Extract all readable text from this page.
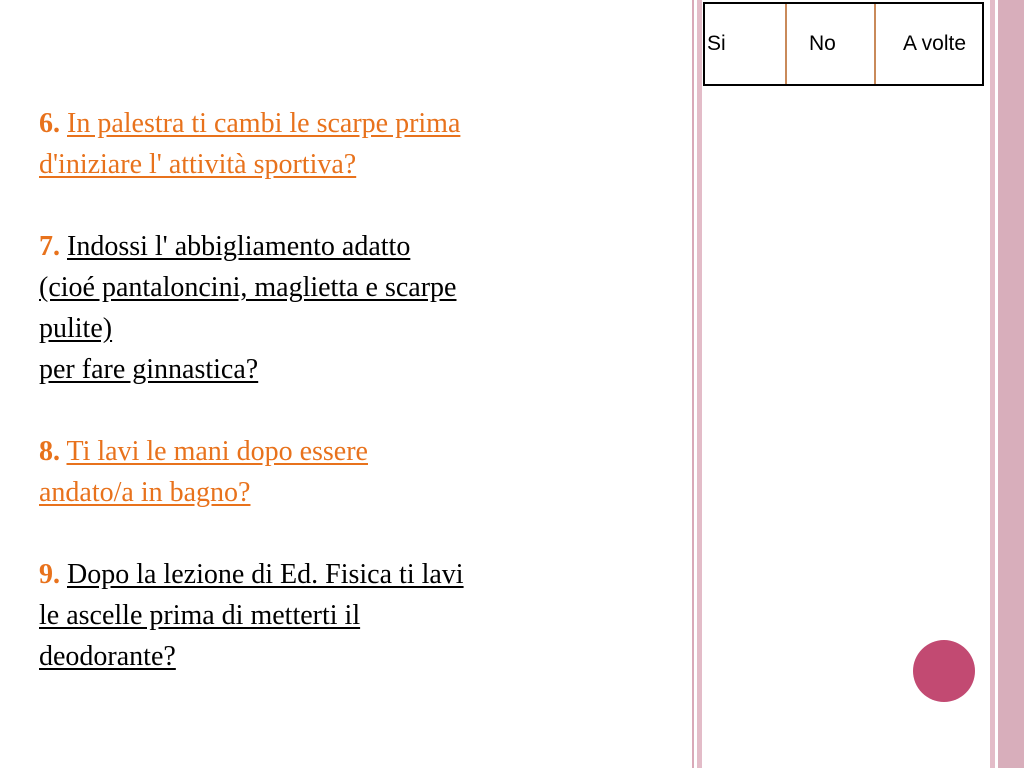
Si	No	A volte

6. In palestra ti cambi le scarpe prima
d'iniziare l' attività sportiva?

7. Indossi l' abbigliamento adatto
(cioé pantaloncini, maglietta e scarpe
pulite)
per fare ginnastica?

8. Ti lavi le mani dopo essere
andato/a in bagno?

9. Dopo la lezione di Ed. Fisica ti lavi
le ascelle prima di metterti il
deodorante?
